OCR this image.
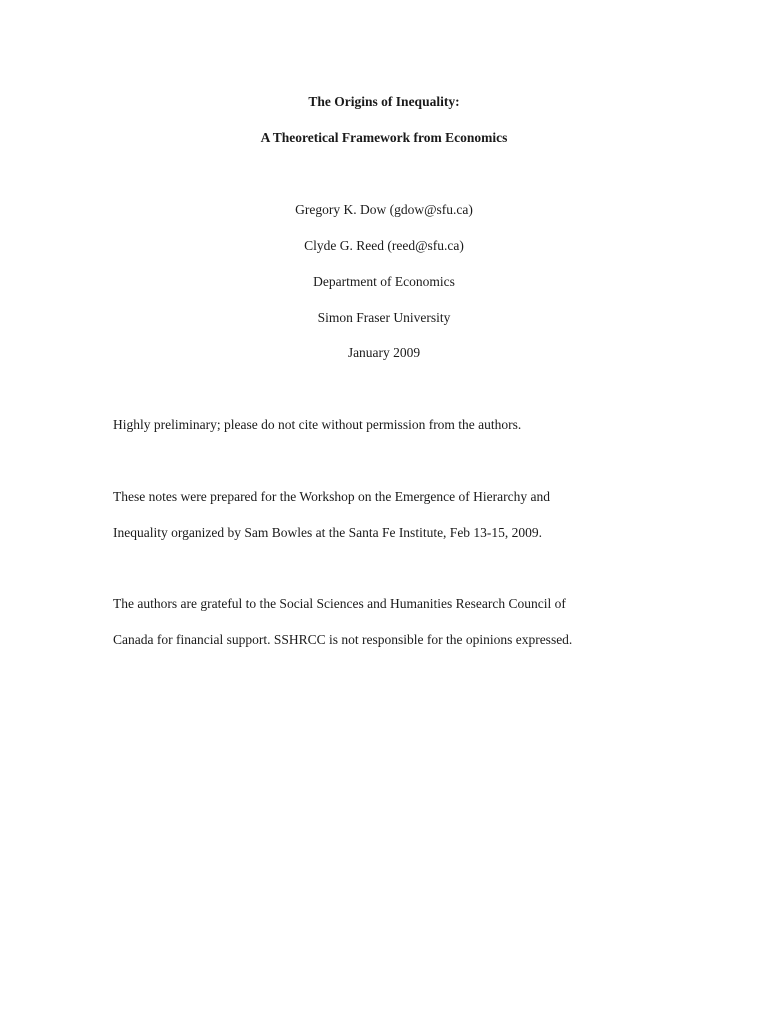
The Origins of Inequality:
A Theoretical Framework from Economics
Gregory K. Dow (gdow@sfu.ca)
Clyde G. Reed (reed@sfu.ca)
Department of Economics
Simon Fraser University
January 2009
Highly preliminary; please do not cite without permission from the authors.
These notes were prepared for the Workshop on the Emergence of Hierarchy and
Inequality organized by Sam Bowles at the Santa Fe Institute, Feb 13-15, 2009.
The authors are grateful to the Social Sciences and Humanities Research Council of
Canada for financial support. SSHRCC is not responsible for the opinions expressed.
